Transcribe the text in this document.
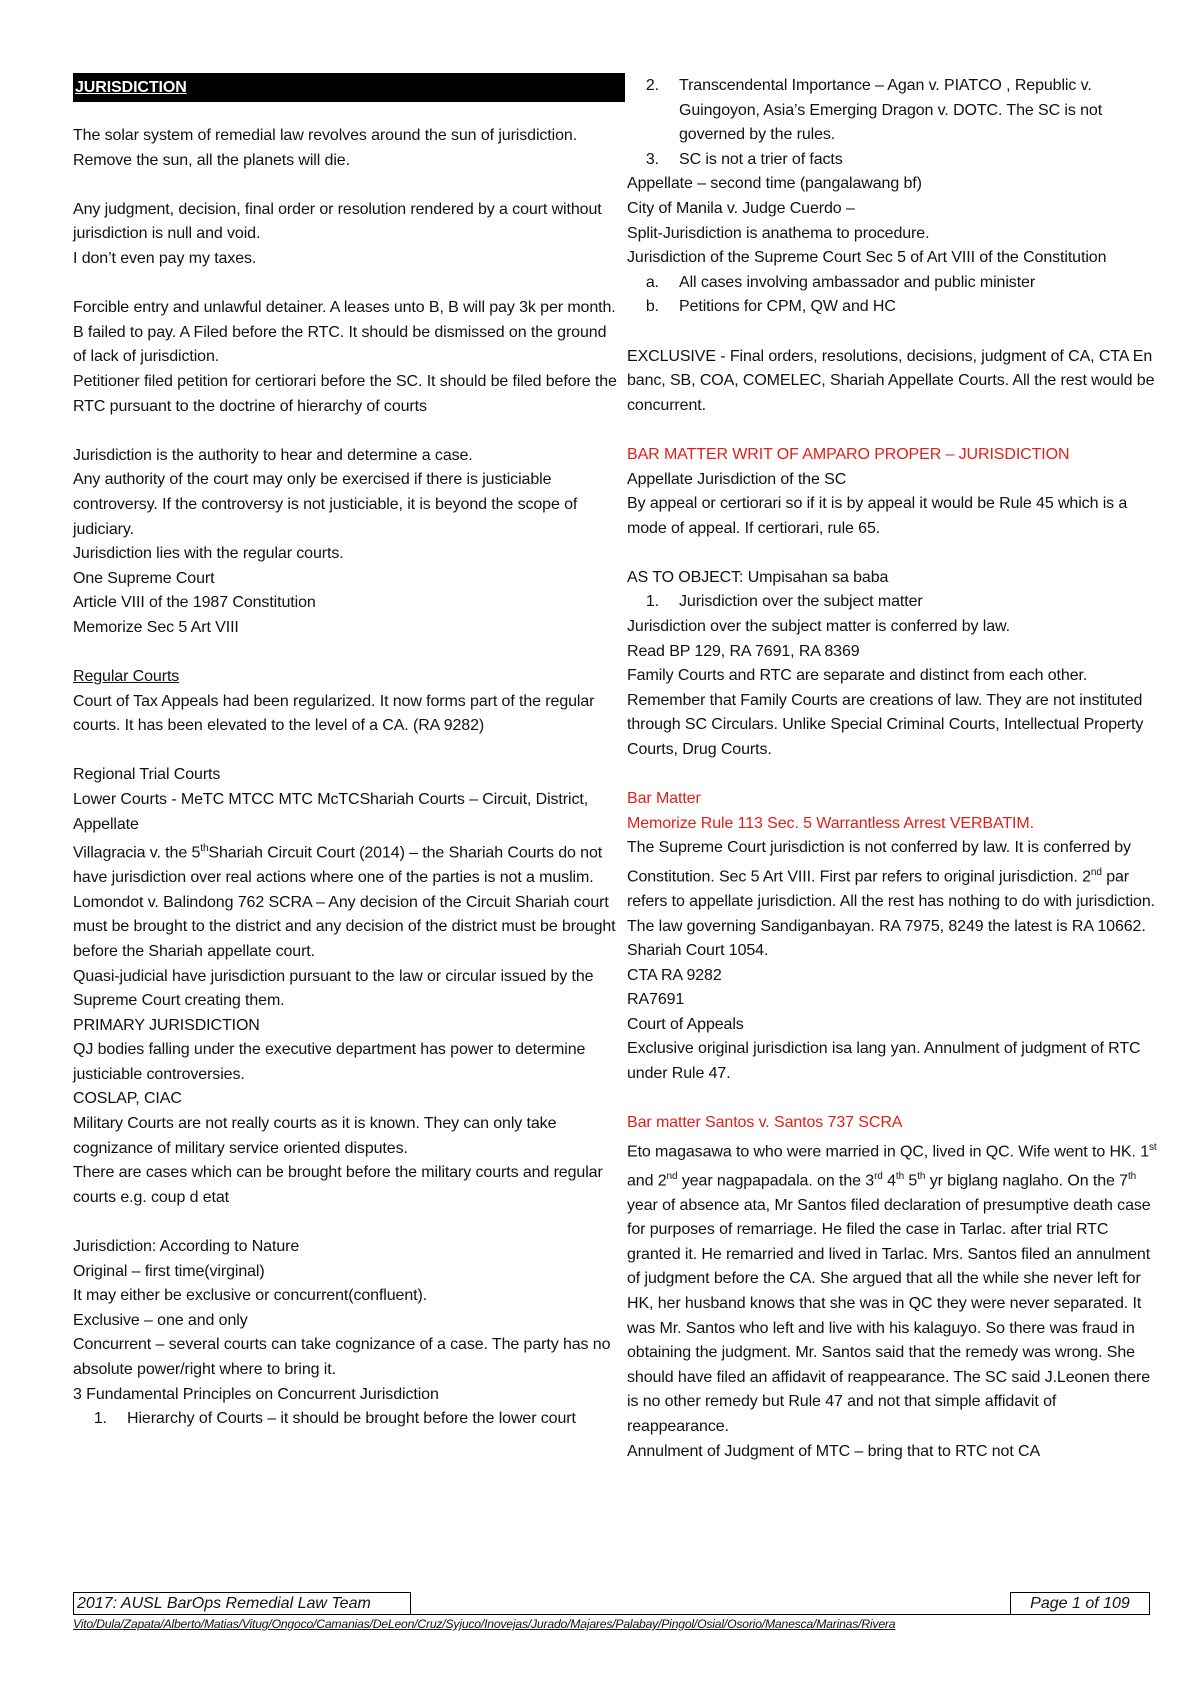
JURISDICTION

The solar system of remedial law revolves around the sun of jurisdiction. Remove the sun, all the planets will die.

Any judgment, decision, final order or resolution rendered by a court without jurisdiction is null and void.

I don’t even pay my taxes.

Forcible entry and unlawful detainer. A leases unto B, B will pay 3k per month. B failed to pay. A Filed before the RTC. It should be dismissed on the ground of lack of jurisdiction.

Petitioner filed petition for certiorari before the SC. It should be filed before the RTC pursuant to the doctrine of hierarchy of courts

Jurisdiction is the authority to hear and determine a case.

Any authority of the court may only be exercised if there is justiciable controversy. If the controversy is not justiciable, it is beyond the scope of judiciary.

Jurisdiction lies with the regular courts.

One Supreme Court

Article VIII of the 1987 Constitution

Memorize Sec 5 Art VIII

Regular Courts

Court of Tax Appeals had been regularized. It now forms part of the regular courts. It has been elevated to the level of a CA. (RA 9282)

Regional Trial Courts

Lower Courts - MeTC MTCC MTC McTCShariah Courts – Circuit, District, Appellate

Villagracia v. the 5thShariah Circuit Court (2014) – the Shariah Courts do not have jurisdiction over real actions where one of the parties is not a muslim.

Lomondot v. Balindong 762 SCRA – Any decision of the Circuit Shariah court must be brought to the district and any decision of the district must be brought before the Shariah appellate court.

Quasi-judicial have jurisdiction pursuant to the law or circular issued by the Supreme Court creating them.

PRIMARY JURISDICTION

QJ bodies falling under the executive department has power to determine justiciable controversies.

COSLAP, CIAC

Military Courts are not really courts as it is known. They can only take cognizance of military service oriented disputes.

There are cases which can be brought before the military courts and regular courts e.g. coup d etat

Jurisdiction: According to Nature

Original – first time(virginal)

It may either be exclusive or concurrent(confluent).

Exclusive – one and only

Concurrent – several courts can take cognizance of a case. The party has no absolute power/right where to bring it.

3 Fundamental Principles on Concurrent Jurisdiction

1.	Hierarchy of Courts – it should be brought before the lower court
2.	Transcendental Importance – Agan v. PIATCO , Republic v. Guingoyon, Asia’s Emerging Dragon v. DOTC. The SC is not governed by the rules.
3.	SC is not a trier of facts

Appellate – second time (pangalawang bf)

City of Manila v. Judge Cuerdo –

Split-Jurisdiction is anathema to procedure.

Jurisdiction of the Supreme Court Sec 5 of Art VIII of the Constitution

a.	All cases involving ambassador and public minister
b.	Petitions for CPM, QW and HC

EXCLUSIVE - Final orders, resolutions, decisions, judgment of CA, CTA En banc, SB, COA, COMELEC, Shariah Appellate Courts. All the rest would be concurrent.

BAR MATTER WRIT OF AMPARO PROPER – JURISDICTION

Appellate Jurisdiction of the SC

By appeal or certiorari so if it is by appeal it would be Rule 45 which is a mode of appeal. If certiorari, rule 65.

AS TO OBJECT: Umpisahan sa baba

1.	Jurisdiction over the subject matter

Jurisdiction over the subject matter is conferred by law.

Read BP 129, RA 7691, RA 8369

Family Courts and RTC are separate and distinct from each other.

Remember that Family Courts are creations of law. They are not instituted through SC Circulars. Unlike Special Criminal Courts, Intellectual Property Courts, Drug Courts.

Bar Matter

Memorize Rule 113 Sec. 5 Warrantless Arrest VERBATIM.

The Supreme Court jurisdiction is not conferred by law. It is conferred by Constitution. Sec 5 Art VIII. First par refers to original jurisdiction. 2nd par refers to appellate jurisdiction. All the rest has nothing to do with jurisdiction.

The law governing Sandiganbayan. RA 7975, 8249 the latest is RA 10662.

Shariah Court 1054.

CTA RA 9282

RA7691

Court of Appeals

Exclusive original jurisdiction isa lang yan. Annulment of judgment of RTC under Rule 47.

Bar matter Santos v. Santos 737 SCRA

Eto magasawa to who were married in QC, lived in QC. Wife went to HK. 1st and 2nd year nagpapadala. on the 3rd 4th 5th yr biglang naglaho. On the 7th year of absence ata, Mr Santos filed declaration of presumptive death case for purposes of remarriage. He filed the case in Tarlac. after trial RTC granted it. He remarried and lived in Tarlac. Mrs. Santos filed an annulment of judgment before the CA. She argued that all the while she never left for HK, her husband knows that she was in QC they were never separated. It was Mr. Santos who left and live with his kalaguyo. So there was fraud in obtaining the judgment. Mr. Santos said that the remedy was wrong. She should have filed an affidavit of reappearance. The SC said J.Leonen there is no other remedy but Rule 47 and not that simple affidavit of reappearance.

Annulment of Judgment of MTC – bring that to RTC not CA

2017: AUSL BarOps Remedial Law Team	Page 1 of 109
Vito/Dula/Zapata/Alberto/Matias/Vitug/Ongoco/Camanias/DeLeon/Cruz/Syjuco/Inovejas/Jurado/Majares/Palabay/Pingol/Osial/Osorio/Manesca/Marinas/Rivera
